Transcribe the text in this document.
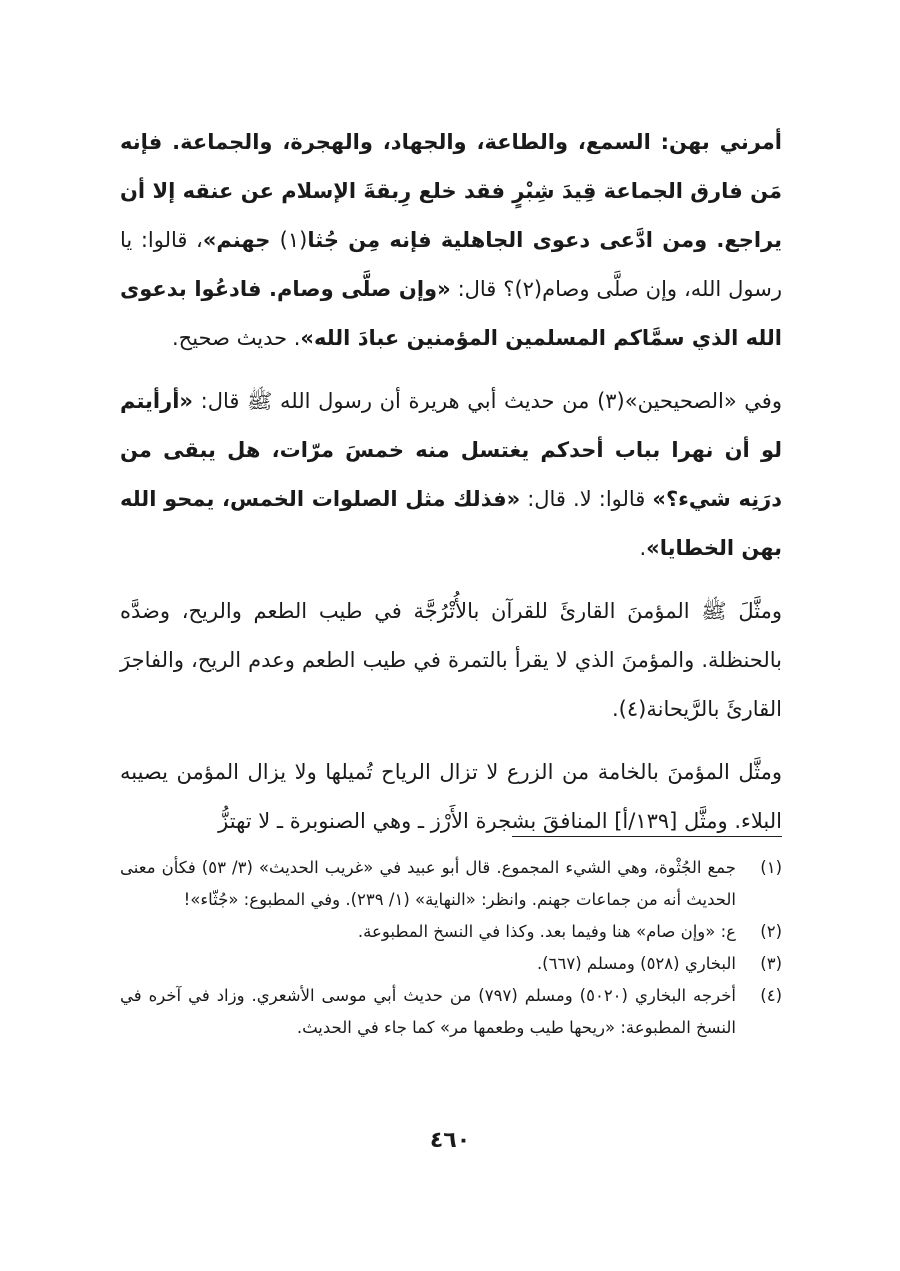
أمرني بهن: السمع، والطاعة، والجهاد، والهجرة، والجماعة. فإنه مَن فارق الجماعة قِيدَ شِبْرٍ فقد خلع رِبقةَ الإسلام عن عنقه إلا أن يراجع. ومن ادَّعى دعوى الجاهلية فإنه مِن جُثا(١) جهنم»، قالوا: يا رسول الله، وإن صلَّى وصام(٢)؟ قال: «وإن صلَّى وصام. فادعُوا بدعوى الله الذي سمَّاكم المسلمين المؤمنين عبادَ الله». حديث صحيح.

وفي «الصحيحين»(٣) من حديث أبي هريرة أن رسول الله ﷺ قال: «أرأيتم لو أن نهرا بباب أحدكم يغتسل منه خمسَ مرّات، هل يبقى من درَنِه شيء؟» قالوا: لا. قال: «فذلك مثل الصلوات الخمس، يمحو الله بهن الخطايا».

ومثَّلَ ﷺ المؤمنَ القارئَ للقرآن بالأُتْرُجَّة في طيب الطعم والريح، وضدَّه بالحنظلة. والمؤمنَ الذي لا يقرأ بالتمرة في طيب الطعم وعدم الريح، والفاجرَ القارئَ بالرَّيحانة(٤).

ومثَّل المؤمنَ بالخامة من الزرع لا تزال الرياح تُميلها ولا يزال المؤمن يصيبه البلاء. ومثَّل [١٣٩/أ] المنافقَ بشجرة الأَرْز ـ وهي الصنوبرة ـ لا تهتزُّ

(١)
جمع الجُثْوة، وهي الشيء المجموع. قال أبو عبيد في «غريب الحديث» (٣/ ٥٣) فكأن معنى الحديث أنه من جماعات جهنم. وانظر: «النهاية» (١/ ٢٣٩). وفي المطبوع: «جُثّاء»!
(٢)
ع: «وإن صام» هنا وفيما بعد. وكذا في النسخ المطبوعة.
(٣)
البخاري (٥٢٨) ومسلم (٦٦٧).
(٤)
أخرجه البخاري (٥٠٢٠) ومسلم (٧٩٧) من حديث أبي موسى الأشعري. وزاد في آخره في النسخ المطبوعة: «ريحها طيب وطعمها مر» كما جاء في الحديث.
٤٦٠
